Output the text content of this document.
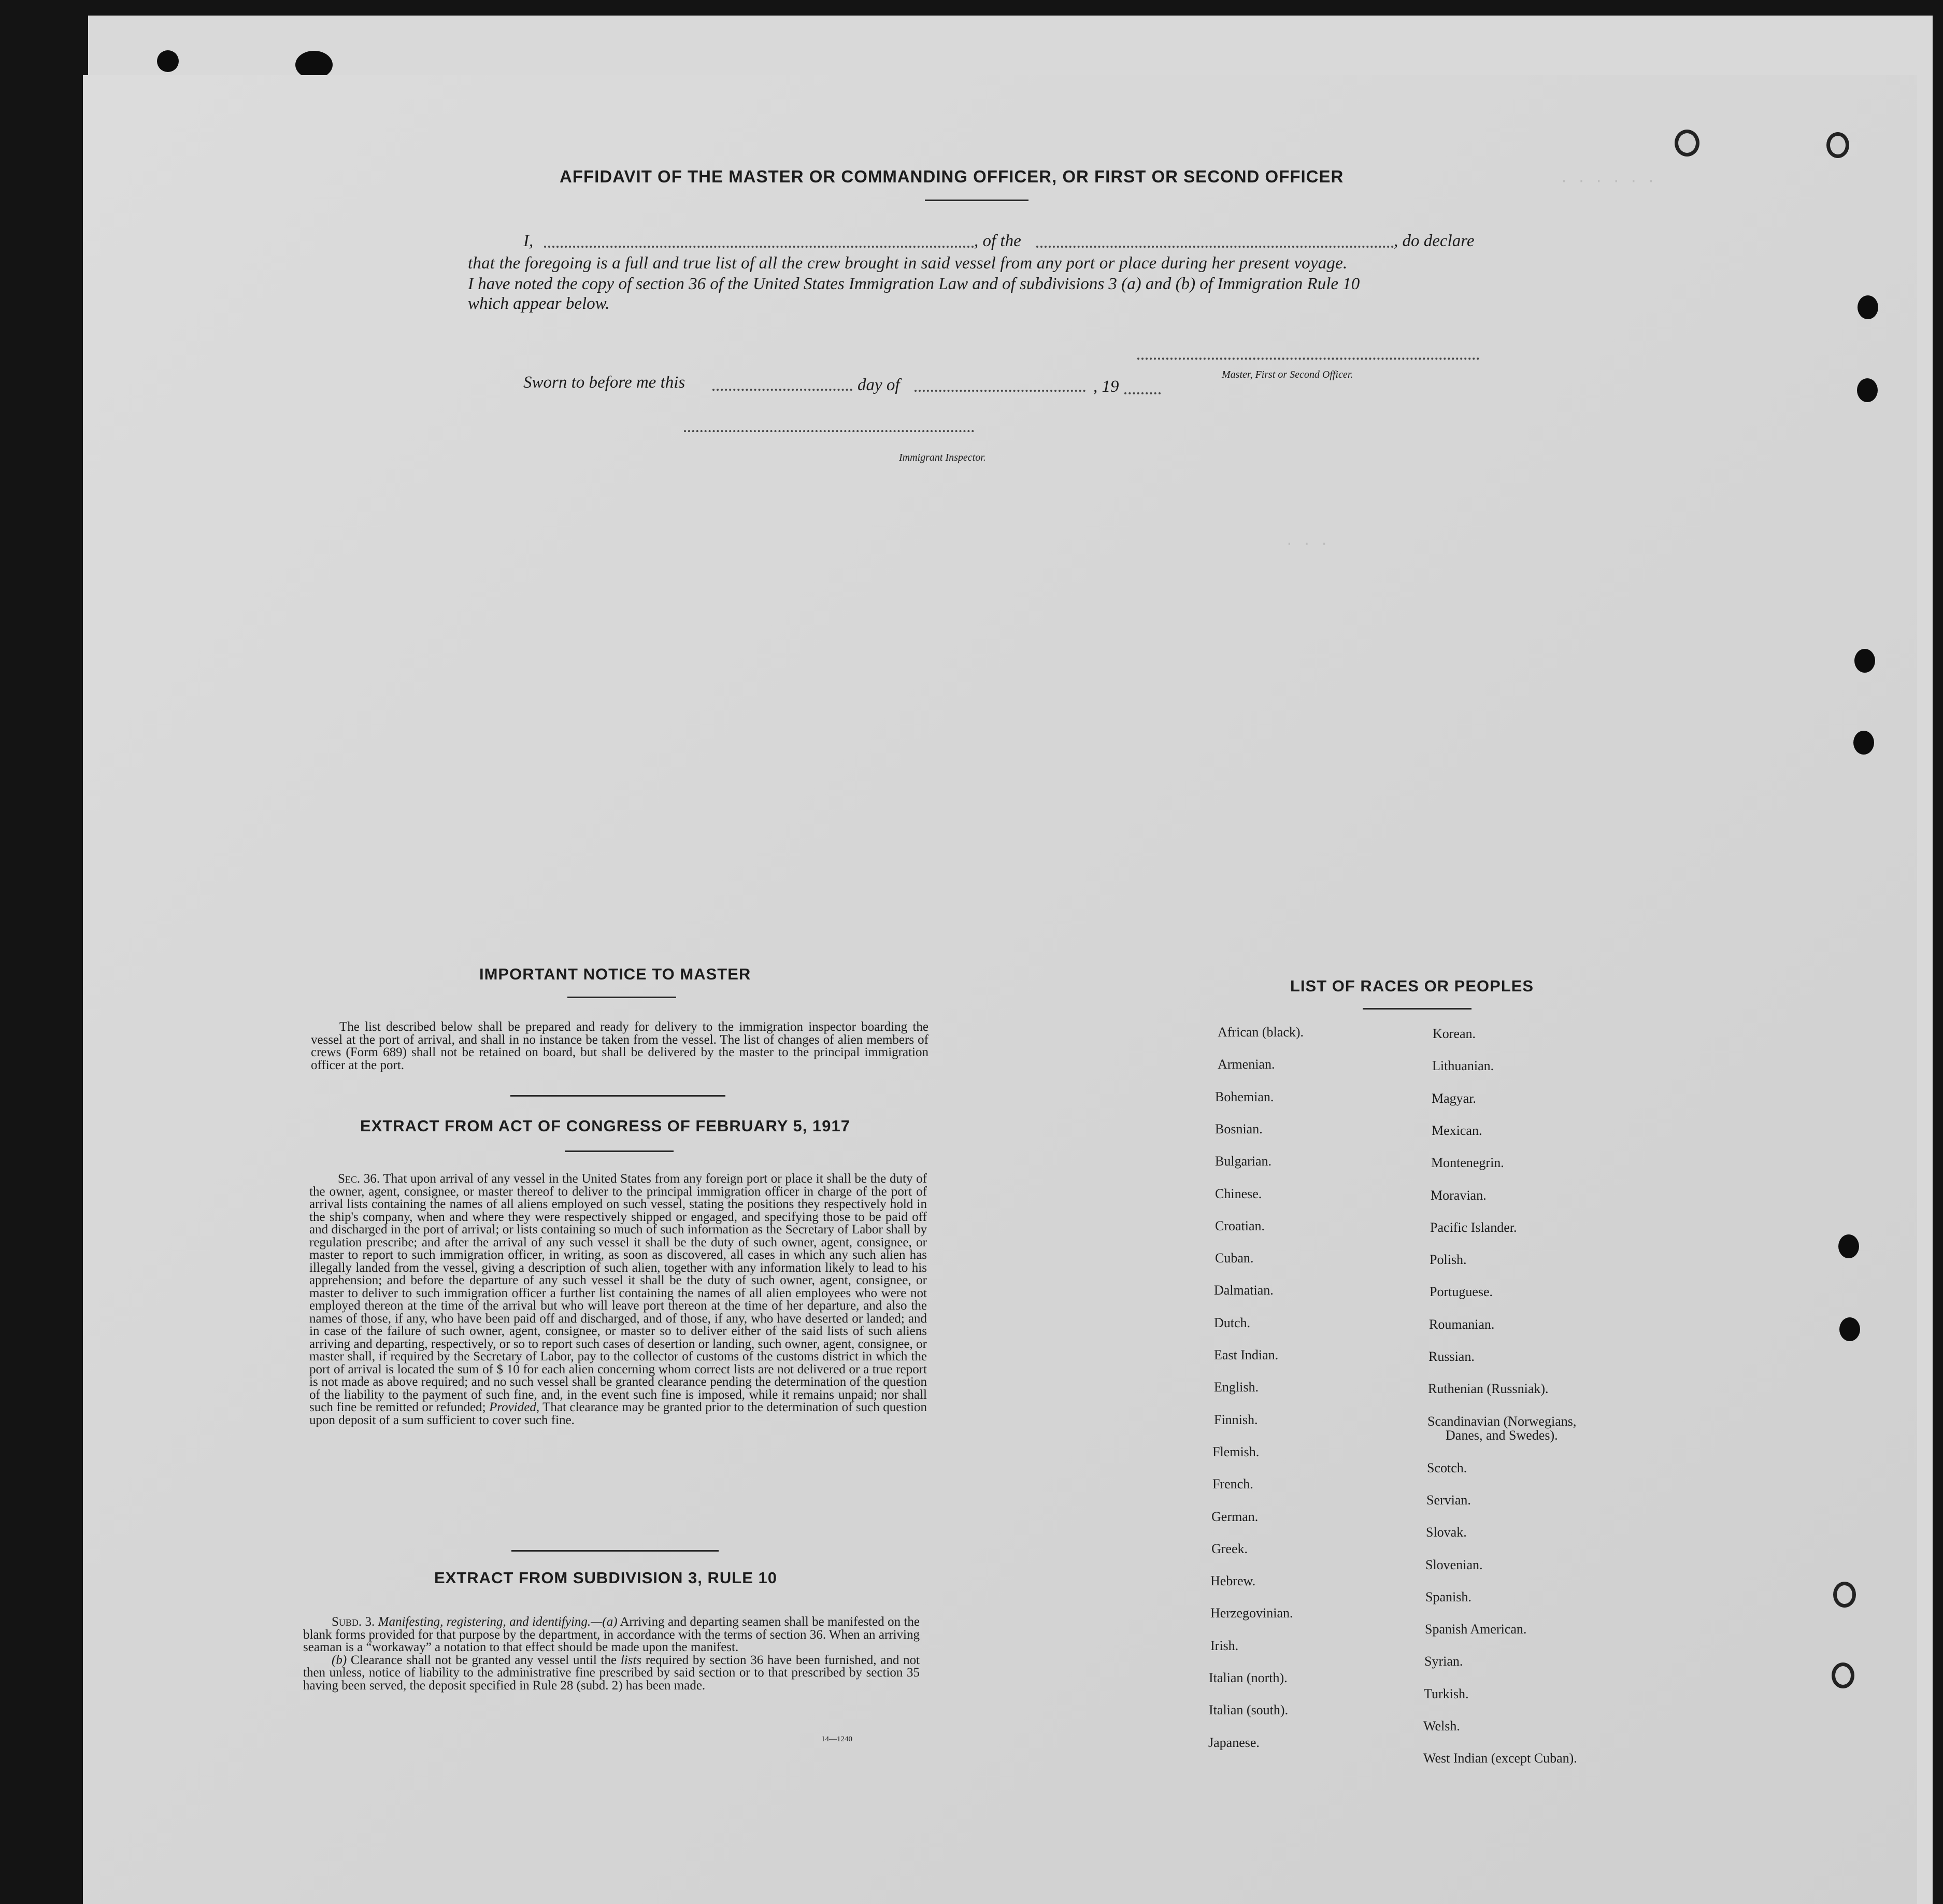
· · ·
· · · · · ·
AFFIDAVIT OF THE MASTER OR COMMANDING OFFICER, OR FIRST OR SECOND OFFICER
I,	, of the	, do declare
that the foregoing is a full and true list of all the crew brought in said vessel from any port or place during her present voyage.
I have noted the copy of section 36 of the United States Immigration Law and of subdivisions 3 (a) and (b) of Immigration Rule 10
which appear below.
Master, First or Second Officer.
Sworn to before me this	day of	, 19
Immigrant Inspector.
IMPORTANT NOTICE TO MASTER
The list described below shall be prepared and ready for delivery to the immigration inspector boarding the vessel at the port of arrival, and shall in no instance be taken from the vessel. The list of changes of alien members of crews (Form 689) shall not be retained on board, but shall be delivered by the master to the principal immigration officer at the port.
EXTRACT FROM ACT OF CONGRESS OF FEBRUARY 5, 1917
Sec. 36. That upon arrival of any vessel in the United States from any foreign port or place it shall be the duty of the owner, agent, consignee, or master thereof to deliver to the principal immigration officer in charge of the port of arrival lists containing the names of all aliens employed on such vessel, stating the positions they respectively hold in the ship's company, when and where they were respectively shipped or engaged, and specifying those to be paid off and discharged in the port of arrival; or lists containing so much of such information as the Secretary of Labor shall by regulation prescribe; and after the arrival of any such vessel it shall be the duty of such owner, agent, consignee, or master to report to such immigration officer, in writing, as soon as discovered, all cases in which any such alien has illegally landed from the vessel, giving a description of such alien, together with any information likely to lead to his apprehension; and before the departure of any such vessel it shall be the duty of such owner, agent, consignee, or master to deliver to such immigration officer a further list containing the names of all alien employees who were not employed thereon at the time of the arrival but who will leave port thereon at the time of her departure, and also the names of those, if any, who have been paid off and discharged, and of those, if any, who have deserted or landed; and in case of the failure of such owner, agent, consignee, or master so to deliver either of the said lists of such aliens arriving and departing, respectively, or so to report such cases of desertion or landing, such owner, agent, consignee, or master shall, if required by the Secretary of Labor, pay to the collector of customs of the customs district in which the port of arrival is located the sum of $ 10 for each alien concerning whom correct lists are not delivered or a true report is not made as above required; and no such vessel shall be granted clearance pending the determination of the question of the liability to the payment of such fine, and, in the event such fine is imposed, while it remains unpaid; nor shall such fine be remitted or refunded; Provided, That clearance may be granted prior to the determination of such question upon deposit of a sum sufficient to cover such fine.
EXTRACT FROM SUBDIVISION 3, RULE 10
Subd. 3. Manifesting, registering, and identifying.—(a) Arriving and departing seamen shall be manifested on the blank forms provided for that purpose by the department, in accordance with the terms of section 36. When an arriving seaman is a “workaway” a notation to that effect should be made upon the manifest.
(b) Clearance shall not be granted any vessel until the lists required by section 36 have been furnished, and not then unless, notice of liability to the administrative fine prescribed by said section or to that prescribed by section 35 having been served, the deposit specified in Rule 28 (subd. 2) has been made.
14—1240
LIST OF RACES OR PEOPLES
African (black).
Armenian.
Bohemian.
Bosnian.
Bulgarian.
Chinese.
Croatian.
Cuban.
Dalmatian.
Dutch.
East Indian.
English.
Finnish.
Flemish.
French.
German.
Greek.
Hebrew.
Herzegovinian.
Irish.
Italian (north).
Italian (south).
Japanese.
Korean.
Lithuanian.
Magyar.
Mexican.
Montenegrin.
Moravian.
Pacific Islander.
Polish.
Portuguese.
Roumanian.
Russian.
Ruthenian (Russniak).
Scandinavian (Norwegians,
Danes, and Swedes).
Scotch.
Servian.
Slovak.
Slovenian.
Spanish.
Spanish American.
Syrian.
Turkish.
Welsh.
West Indian (except Cuban).
